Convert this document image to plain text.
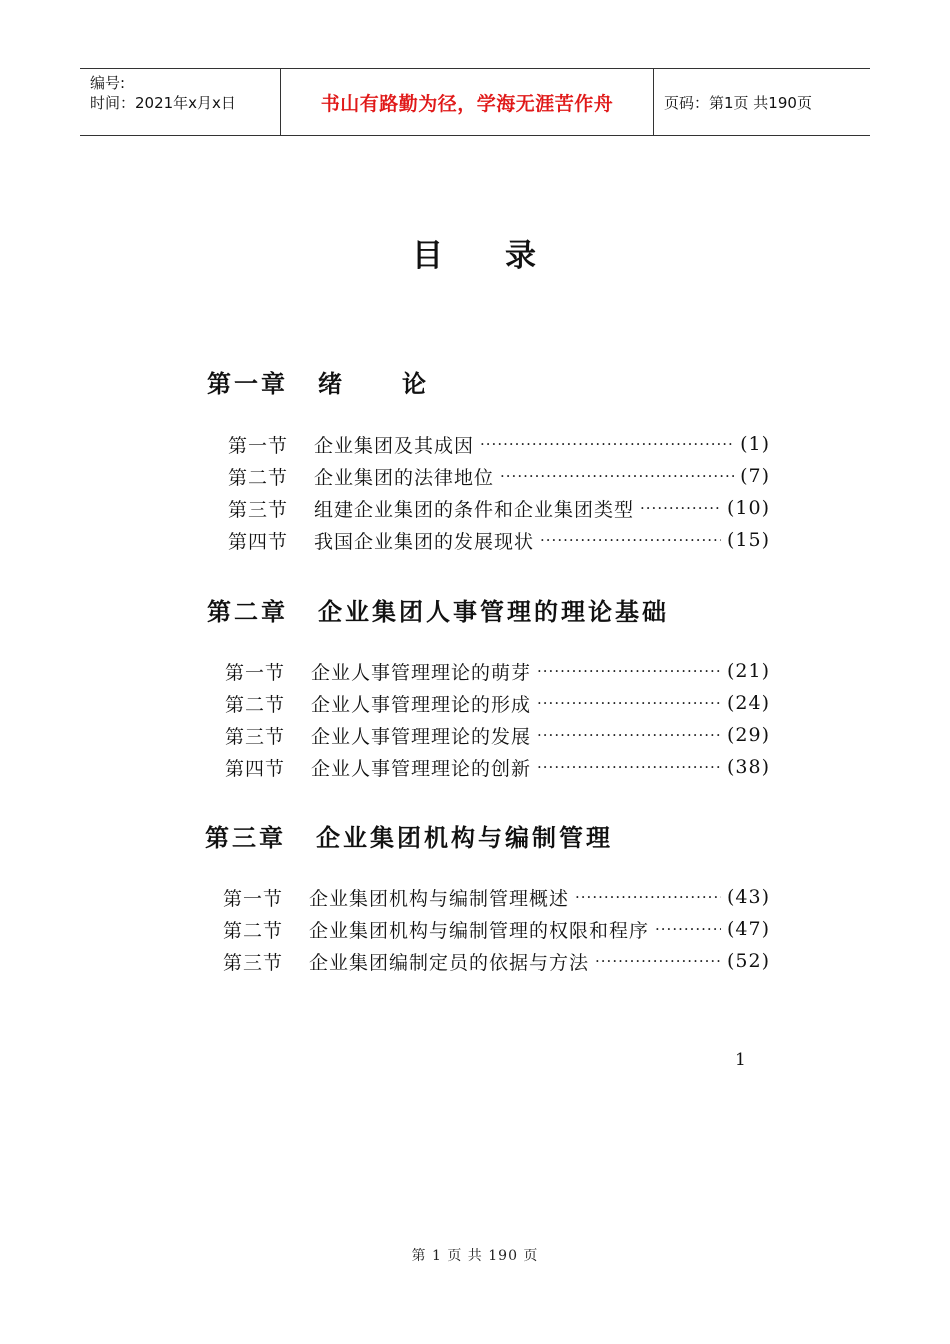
编号:
时间：2021年x月x日	书山有路勤为径，学海无涯苦作舟	页码：第1页 共190页
目 录
第一章 绪论
第一节	企业集团及其成因 ·····	(1)
第二节	企业集团的法律地位 ·····	(7)
第三节	组建企业集团的条件和企业集团类型 ·····	(10)
第四节	我国企业集团的发展现状 ·····	(15)
第二章 企业集团人事管理的理论基础
第一节	企业人事管理理论的萌芽 ·····	(21)
第二节	企业人事管理理论的形成 ·····	(24)
第三节	企业人事管理理论的发展 ·····	(29)
第四节	企业人事管理理论的创新 ·····	(38)
第三章 企业集团机构与编制管理
第一节	企业集团机构与编制管理概述 ·····	(43)
第二节	企业集团机构与编制管理的权限和程序 ·····	(47)
第三节	企业集团编制定员的依据与方法 ·····	(52)
1
第 1 页 共 190 页
